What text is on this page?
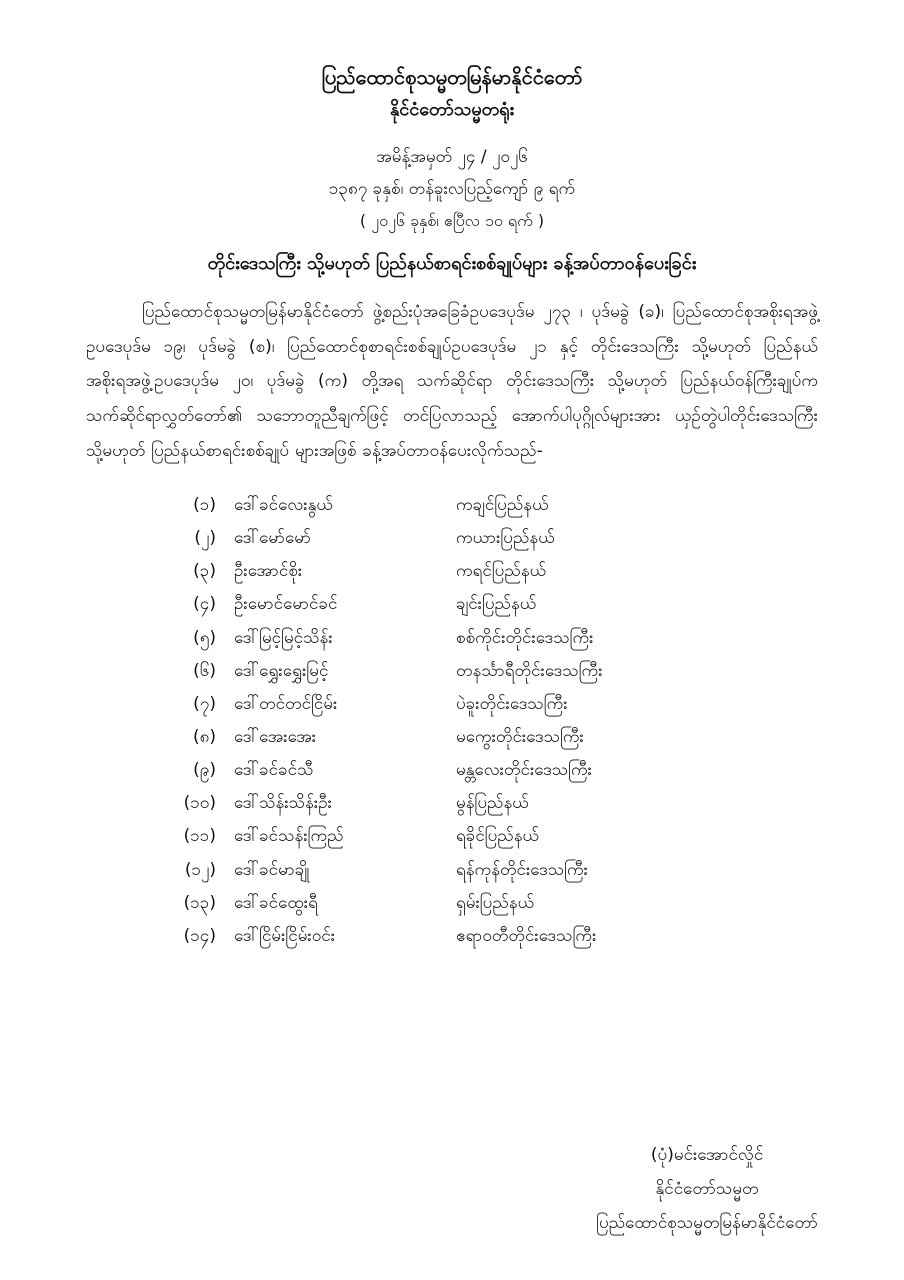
ပြည်ထောင်စုသမ္မတမြန်မာနိုင်ငံတော်
နိုင်ငံတော်သမ္မတရုံး
အမိန့်အမှတ် ၂၄ / ၂၀၂၆
၁၃၈၇ ခုနှစ်၊ တန်ခူးလပြည့်ကျော် ၉ ရက်
( ၂၀၂၆ ခုနှစ်၊ ဧပြီလ ၁၀ ရက် )
တိုင်းဒေသကြီး သို့မဟုတ် ပြည်နယ်စာရင်းစစ်ချုပ်များ ခန့်အပ်တာဝန်ပေးခြင်း
ပြည်ထောင်စုသမ္မတမြန်မာနိုင်ငံတော် ဖွဲ့စည်းပုံအခြေခံဥပဒေပုဒ်မ ၂၇၃ ၊ ပုဒ်မခွဲ (ခ)၊ ပြည်ထောင်စုအစိုးရအဖွဲ့ဥပဒေပုဒ်မ ၁၉၊ ပုဒ်မခွဲ (စ)၊ ပြည်ထောင်စုစာရင်းစစ်ချုပ်ဥပဒေပုဒ်မ ၂၁ နှင့် တိုင်းဒေသကြီး သို့မဟုတ် ပြည်နယ်အစိုးရအဖွဲ့ဥပဒေပုဒ်မ ၂၀၊ ပုဒ်မခွဲ (က) တို့အရ သက်ဆိုင်ရာ တိုင်းဒေသကြီး သို့မဟုတ် ပြည်နယ်ဝန်ကြီးချုပ်က သက်ဆိုင်ရာလွှတ်တော်၏ သဘောတူညီချက်ဖြင့် တင်ပြလာသည့် အောက်ပါပုဂ္ဂိုလ်များအား ယှဉ်တွဲပါတိုင်းဒေသကြီး သို့မဟုတ် ပြည်နယ်စာရင်းစစ်ချုပ် များအဖြစ် ခန့်အပ်တာဝန်ပေးလိုက်သည်-
(၁)	ဒေါ်ခင်လေးနွယ်	ကချင်ပြည်နယ်
(၂)	ဒေါ်မော်မော်	ကယားပြည်နယ်
(၃)	ဦးအောင်စိုး	ကရင်ပြည်နယ်
(၄)	ဦးမောင်မောင်ခင်	ချင်းပြည်နယ်
(၅)	ဒေါ်မြင့်မြင့်သိန်း	စစ်ကိုင်းတိုင်းဒေသကြီး
(၆)	ဒေါ်ရွှေးရွှေးမြင့်	တနင်္သာရီတိုင်းဒေသကြီး
(၇)	ဒေါ်တင်တင်ငြိမ်း	ပဲခူးတိုင်းဒေသကြီး
(၈)	ဒေါ်အေးအေး	မကွေးတိုင်းဒေသကြီး
(၉)	ဒေါ်ခင်ခင်သီ	မန္တလေးတိုင်းဒေသကြီး
(၁၀)	ဒေါ်သိန်းသိန်းဦး	မွန်ပြည်နယ်
(၁၁)	ဒေါ်ခင်သန်းကြည်	ရခိုင်ပြည်နယ်
(၁၂)	ဒေါ်ခင်မာချို	ရန်ကုန်တိုင်းဒေသကြီး
(၁၃)	ဒေါ်ခင်ထွေးရီ	ရှမ်းပြည်နယ်
(၁၄)	ဒေါ်ငြိမ်းငြိမ်းဝင်း	ဧရာဝတီတိုင်းဒေသကြီး
(ပုံ)မင်းအောင်လှိုင်
နိုင်ငံတော်သမ္မတ
ပြည်ထောင်စုသမ္မတမြန်မာနိုင်ငံတော်
